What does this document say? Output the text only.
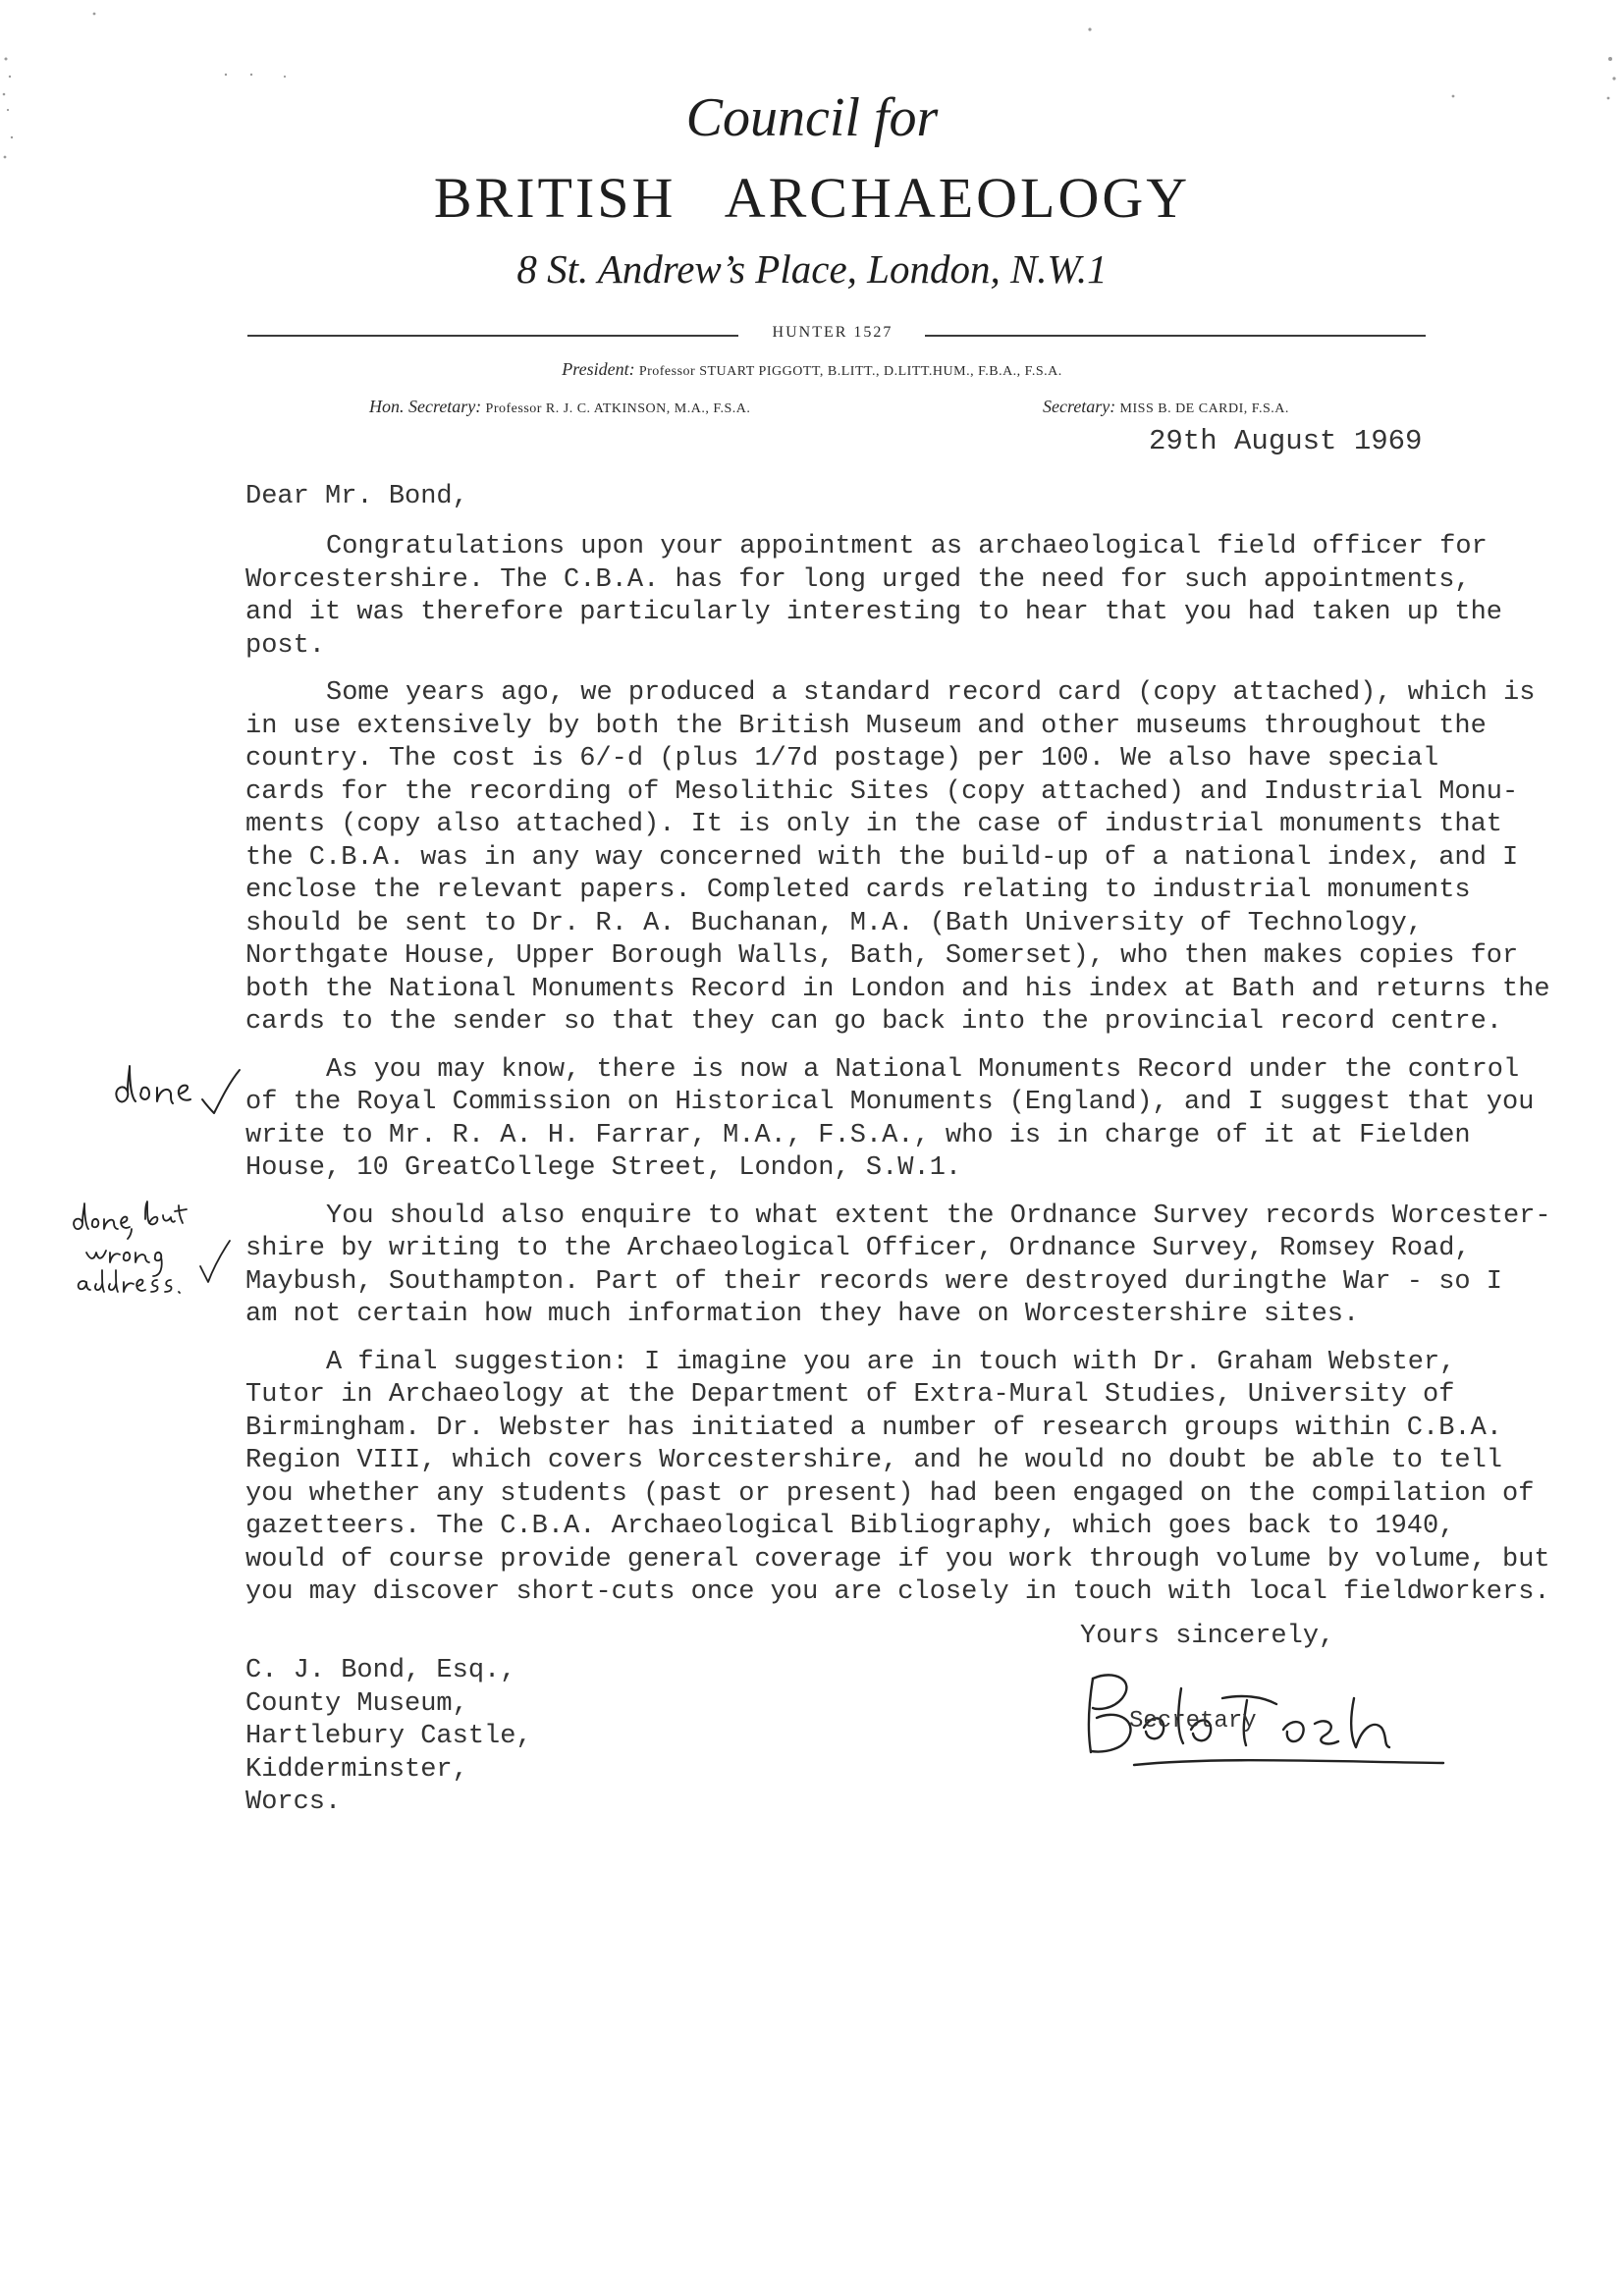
Council for
BRITISH   ARCHAEOLOGY
8 St. Andrew’s Place, London, N.W.1
HUNTER 1527
President: Professor STUART PIGGOTT, B.LITT., D.LITT.HUM., F.B.A., F.S.A.
Hon. Secretary: Professor R. J. C. ATKINSON, M.A., F.S.A.	Secretary: MISS B. DE CARDI, F.S.A.
29th August 1969
Dear Mr. Bond,
Congratulations upon your appointment as archaeological field officer for
Worcestershire. The C.B.A. has for long urged the need for such appointments,
and it was therefore particularly interesting to hear that you had taken up the
post.
Some years ago, we produced a standard record card (copy attached), which is
in use extensively by both the British Museum and other museums throughout the
country. The cost is 6/-d (plus 1/7d postage) per 100. We also have special
cards for the recording of Mesolithic Sites (copy attached) and Industrial Monu-
ments (copy also attached). It is only in the case of industrial monuments that
the C.B.A. was in any way concerned with the build-up of a national index, and I
enclose the relevant papers. Completed cards relating to industrial monuments
should be sent to Dr. R. A. Buchanan, M.A. (Bath University of Technology,
Northgate House, Upper Borough Walls, Bath, Somerset), who then makes copies for
both the National Monuments Record in London and his index at Bath and returns the
cards to the sender so that they can go back into the provincial record centre.
As you may know, there is now a National Monuments Record under the control
of the Royal Commission on Historical Monuments (England), and I suggest that you
write to Mr. R. A. H. Farrar, M.A., F.S.A., who is in charge of it at Fielden
House, 10 GreatCollege Street, London, S.W.1.
You should also enquire to what extent the Ordnance Survey records Worcester-
shire by writing to the Archaeological Officer, Ordnance Survey, Romsey Road,
Maybush, Southampton. Part of their records were destroyed duringthe War - so I
am not certain how much information they have on Worcestershire sites.
A final suggestion: I imagine you are in touch with Dr. Graham Webster,
Tutor in Archaeology at the Department of Extra-Mural Studies, University of
Birmingham. Dr. Webster has initiated a number of research groups within C.B.A.
Region VIII, which covers Worcestershire, and he would no doubt be able to tell
you whether any students (past or present) had been engaged on the compilation of
gazetteers. The C.B.A. Archaeological Bibliography, which goes back to 1940,
would of course provide general coverage if you work through volume by volume, but
you may discover short-cuts once you are closely in touch with local fieldworkers.
Yours sincerely,
Secretary
C. J. Bond, Esq.,
County Museum,
Hartlebury Castle,
Kidderminster,
Worcs.
